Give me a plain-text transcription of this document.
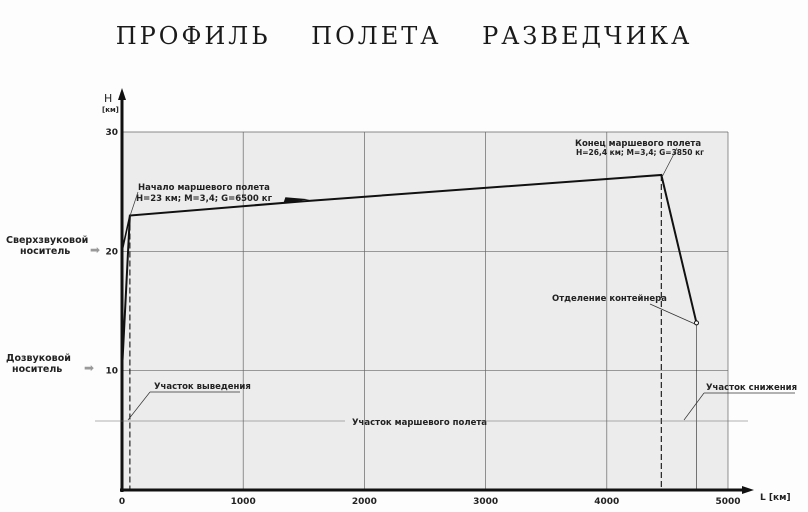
ПРОФИЛЬ ПОЛЕТА РАЗВЕДЧИКА
0	1000	2000	3000	4000	5000
10
20
30
H
[км]
L [км]
Начало маршевого полета
H=23 км; M=3,4; G=6500 кг
Конец маршевого полета
H=26,4 км; M=3,4; G=3850 кг
Отделение контейнера
Участок выведения
Участок маршевого полета
Участок снижения
Сверхзвуковой
носитель ➡
Дозвуковой
носитель ➡
